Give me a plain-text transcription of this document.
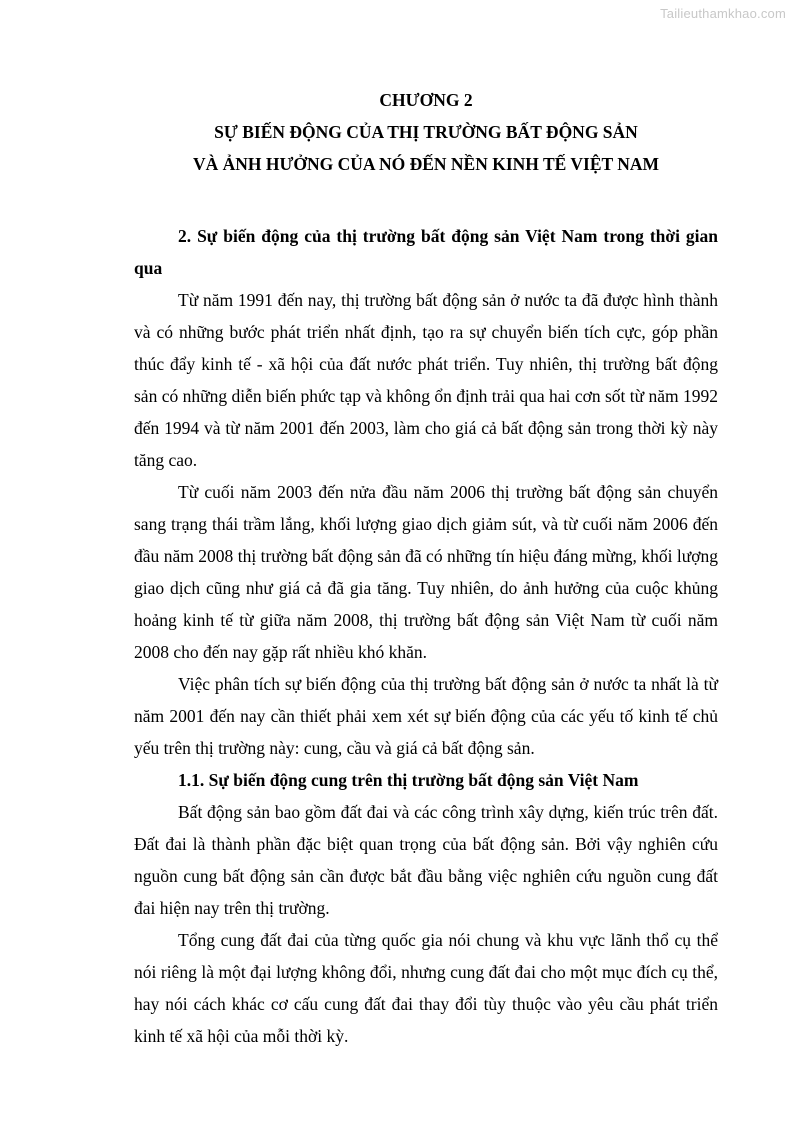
Tailieuthamkhao.com
CHƯƠNG 2
SỰ BIẾN ĐỘNG CỦA THỊ TRƯỜNG BẤT ĐỘNG SẢN
VÀ ẢNH HƯỞNG CỦA NÓ ĐẾN NỀN KINH TẾ VIỆT NAM

2. Sự biến động của thị trường bất động sản Việt Nam trong thời gian qua

Từ năm 1991 đến nay, thị trường bất động sản ở nước ta đã được hình thành và có những bước phát triển nhất định, tạo ra sự chuyển biến tích cực, góp phần thúc đẩy kinh tế - xã hội của đất nước phát triển. Tuy nhiên, thị trường bất động sản có những diễn biến phức tạp và không ổn định trải qua hai cơn sốt từ năm 1992 đến 1994 và từ năm 2001 đến 2003, làm cho giá cả bất động sản trong thời kỳ này tăng cao.

Từ cuối năm 2003 đến nửa đầu năm 2006 thị trường bất động sản chuyển sang trạng thái trầm lắng, khối lượng giao dịch giảm sút, và từ cuối năm 2006 đến đầu năm 2008 thị trường bất động sản đã có những tín hiệu đáng mừng, khối lượng giao dịch cũng như giá cả đã gia tăng. Tuy nhiên, do ảnh hưởng của cuộc khủng hoảng kinh tế từ giữa năm 2008, thị trường bất động sản Việt Nam từ cuối năm 2008 cho đến nay gặp rất nhiều khó khăn.

Việc phân tích sự biến động của thị trường bất động sản ở nước ta nhất là từ năm 2001 đến nay cần thiết phải xem xét sự biến động của các yếu tố kinh tế chủ yếu trên thị trường này: cung, cầu và giá cả bất động sản.

1.1. Sự biến động cung trên thị trường bất động sản Việt Nam

Bất động sản bao gồm đất đai và các công trình xây dựng, kiến trúc trên đất. Đất đai là thành phần đặc biệt quan trọng của bất động sản. Bởi vậy nghiên cứu nguồn cung bất động sản cần được bắt đầu bằng việc nghiên cứu nguồn cung đất đai hiện nay trên thị trường.

Tổng cung đất đai của từng quốc gia nói chung và khu vực lãnh thổ cụ thể nói riêng là một đại lượng không đổi, nhưng cung đất đai cho một mục đích cụ thể, hay nói cách khác cơ cấu cung đất đai thay đổi tùy thuộc vào yêu cầu phát triển kinh tế xã hội của mỗi thời kỳ.
